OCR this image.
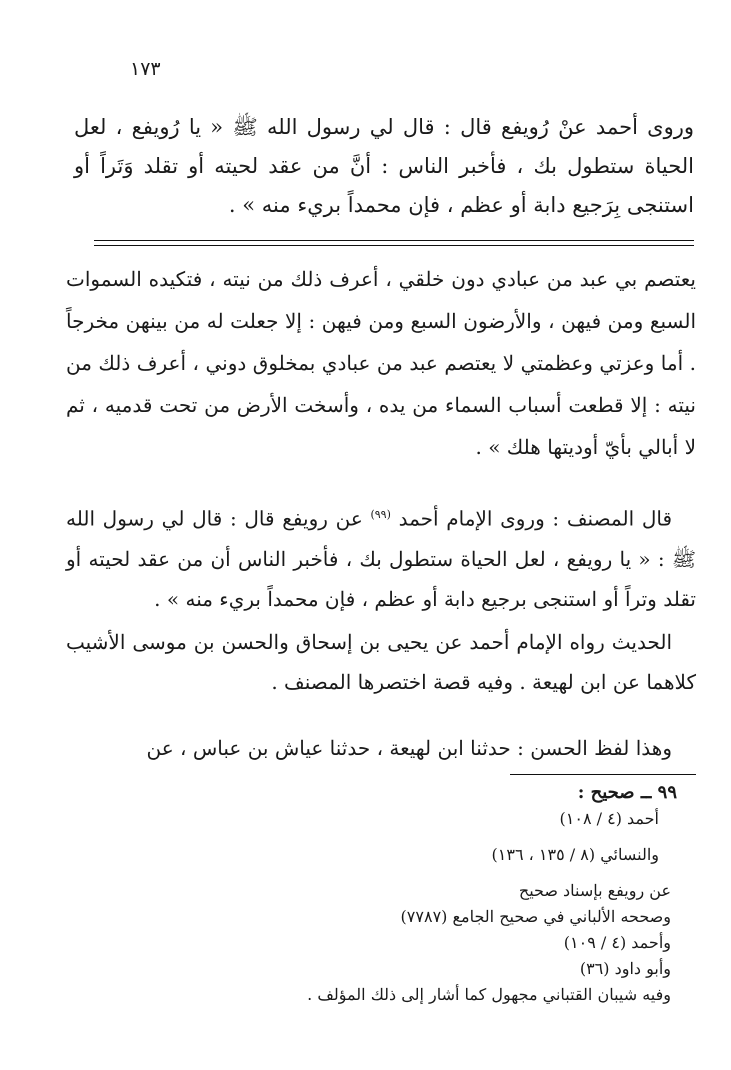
١٧٣
وروى أحمد عنْ رُويفع قال : قال لي رسول الله ﷺ « يا رُويفع ، لعل الحياة ستطول بك ، فأخبر الناس : أنَّ من عقد لحيته أو تقلد وَتَراً أو استنجى بِرَجيع دابة أو عظم ، فإن محمداً بريء منه » .
يعتصم بي عبد من عبادي دون خلقي ، أعرف ذلك من نيته ، فتكيده السموات السبع ومن فيهن ، والأرضون السبع ومن فيهن : إلا جعلت له من بينهن مخرجاً . أما وعزتي وعظمتي لا يعتصم عبد من عبادي بمخلوق دوني ، أعرف ذلك من نيته : إلا قطعت أسباب السماء من يده ، وأسخت الأرض من تحت قدميه ، ثم لا أبالي بأيّ أوديتها هلك » .
قال المصنف : وروى الإمام أحمد $^{(٩٩)}$ عن رويفع قال : قال لي رسول الله ﷺ : « يا رويفع ، لعل الحياة ستطول بك ، فأخبر الناس أن من عقد لحيته أو تقلد وتراً أو استنجى برجيع دابة أو عظم ، فإن محمداً بريء منه » .
الحديث رواه الإمام أحمد عن يحيى بن إسحاق والحسن بن موسى الأشيب كلاهما عن ابن لهيعة . وفيه قصة اختصرها المصنف .
وهذا لفظ الحسن : حدثنا ابن لهيعة ، حدثنا عياش بن عباس ، عن
٩٩ ــ صحيح :
أحمد (٤ / ١٠٨)
والنسائي (٨ / ١٣٥ ، ١٣٦)
عن رويفع بإسناد صحيح
وصححه الألباني في صحيح الجامع (٧٧٨٧)
وأحمد (٤ / ١٠٩)
وأبو داود (٣٦)
وفيه شيبان القتباني مجهول كما أشار إلى ذلك المؤلف .
